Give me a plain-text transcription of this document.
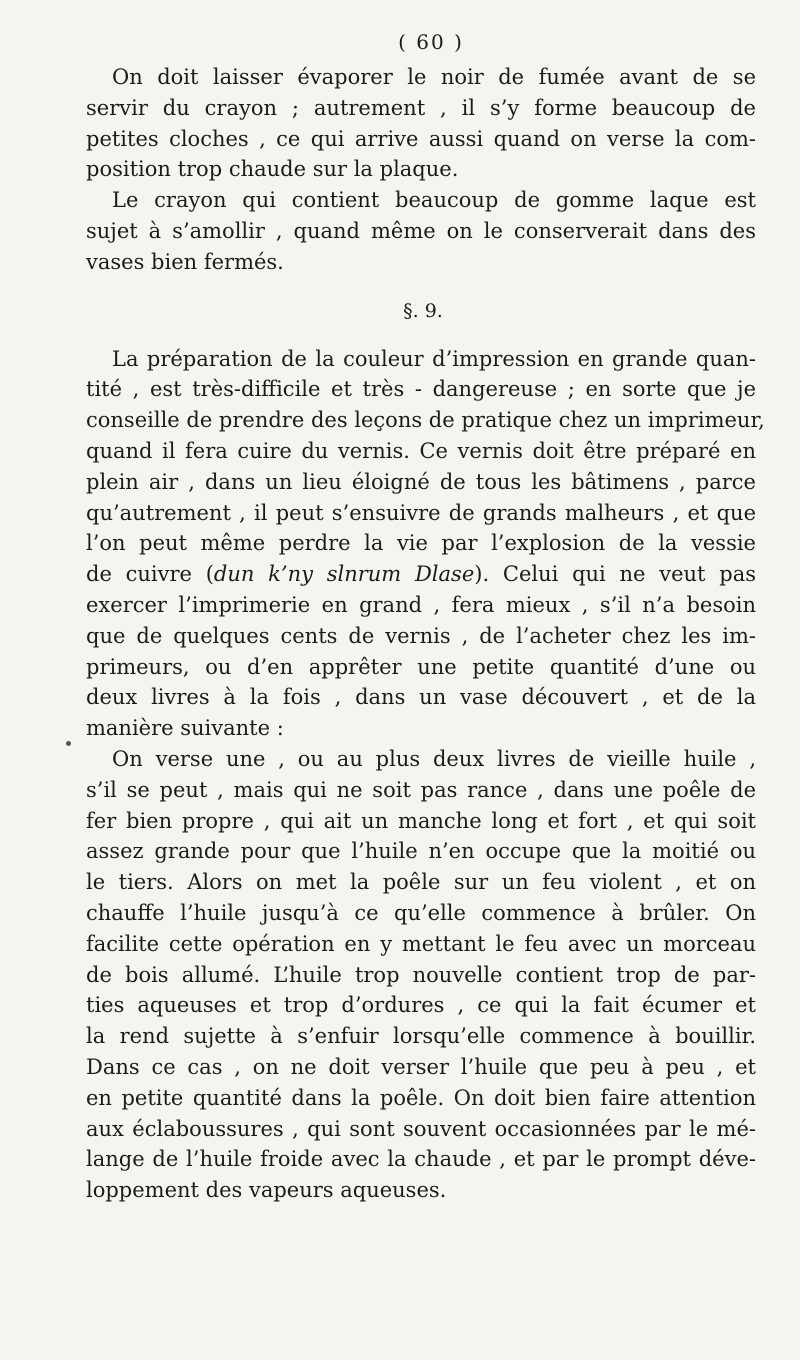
( 60 )
On doit laisser évaporer le noir de fumée avant de se
servir du crayon ; autrement , il s’y forme beaucoup de
petites cloches , ce qui arrive aussi quand on verse la com-
position trop chaude sur la plaque.
Le crayon qui contient beaucoup de gomme laque est
sujet à s’amollir , quand même on le conserverait dans des
vases bien fermés.
§. 9.
La préparation de la couleur d’impression en grande quan-
tité , est très-difficile et très - dangereuse ; en sorte que je
conseille de prendre des leçons de pratique chez un imprimeur,
quand il fera cuire du vernis. Ce vernis doit être préparé en
plein air , dans un lieu éloigné de tous les bâtimens , parce
qu’autrement , il peut s’ensuivre de grands malheurs , et que
l’on peut même perdre la vie par l’explosion de la vessie
de cuivre (dun k’ny slnrum Dlase). Celui qui ne veut pas
exercer l’imprimerie en grand , fera mieux , s’il n’a besoin
que de quelques cents de vernis , de l’acheter chez les im-
primeurs, ou d’en apprêter une petite quantité d’une ou
deux livres à la fois , dans un vase découvert , et de la
manière suivante :
On verse une , ou au plus deux livres de vieille huile ,
s’il se peut , mais qui ne soit pas rance , dans une poêle de
fer bien propre , qui ait un manche long et fort , et qui soit
assez grande pour que l’huile n’en occupe que la moitié ou
le tiers. Alors on met la poêle sur un feu violent , et on
chauffe l’huile jusqu’à ce qu’elle commence à brûler. On
facilite cette opération en y mettant le feu avec un morceau
de bois allumé. L’huile trop nouvelle contient trop de par-
ties aqueuses et trop d’ordures , ce qui la fait écumer et
la rend sujette à s’enfuir lorsqu’elle commence à bouillir.
Dans ce cas , on ne doit verser l’huile que peu à peu , et
en petite quantité dans la poêle. On doit bien faire attention
aux éclaboussures , qui sont souvent occasionnées par le mé-
lange de l’huile froide avec la chaude , et par le prompt déve-
loppement des vapeurs aqueuses.
